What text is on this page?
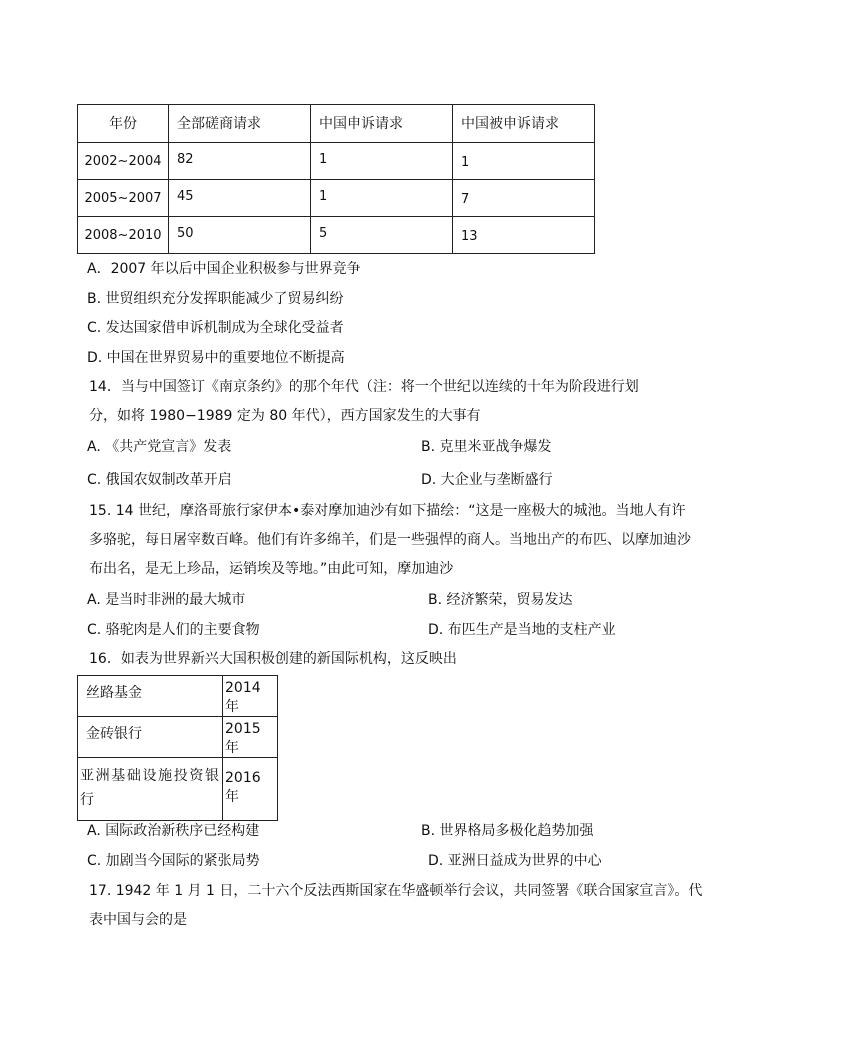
年份	全部磋商请求	中国申诉请求	中国被申诉请求

2002~2004	82	1	1

2005~2007	45	1	7

2008~2010	50	5	13
A．2007 年以后中国企业积极参与世界竞争
B. 世贸组织充分发挥职能减少了贸易纠纷
C. 发达国家借申诉机制成为全球化受益者
D. 中国在世界贸易中的重要地位不断提高
14．当与中国签订《南京条约》的那个年代（注：将一个世纪以连续的十年为阶段进行划
分，如将 1980−1989 定为 80 年代），西方国家发生的大事有
A. 《共产党宣言》发表	B. 克里米亚战争爆发
C. 俄国农奴制改革开启	D. 大企业与垄断盛行
15. 14 世纪，摩洛哥旅行家伊本•泰对摩加迪沙有如下描绘：“这是一座极大的城池。当地人有许
多骆驼，每日屠宰数百峰。他们有许多绵羊，们是一些强悍的商人。当地出产的布匹、以摩加迪沙
布出名，是无上珍品，运销埃及等地。”由此可知，摩加迪沙
A. 是当时非洲的最大城市	B. 经济繁荣，贸易发达
C. 骆驼肉是人们的主要食物	D. 布匹生产是当地的支柱产业
16．如表为世界新兴大国积极创建的新国际机构，这反映出
丝路基金	2014 年

金砖银行	2015 年

亚洲基础设施投资银行	2016 年
A. 国际政治新秩序已经构建	B. 世界格局多极化趋势加强
C. 加剧当今国际的紧张局势	D. 亚洲日益成为世界的中心
17. 1942 年 1 月 1 日，二十六个反法西斯国家在华盛顿举行会议，共同签署《联合国家宣言》。代
表中国与会的是
